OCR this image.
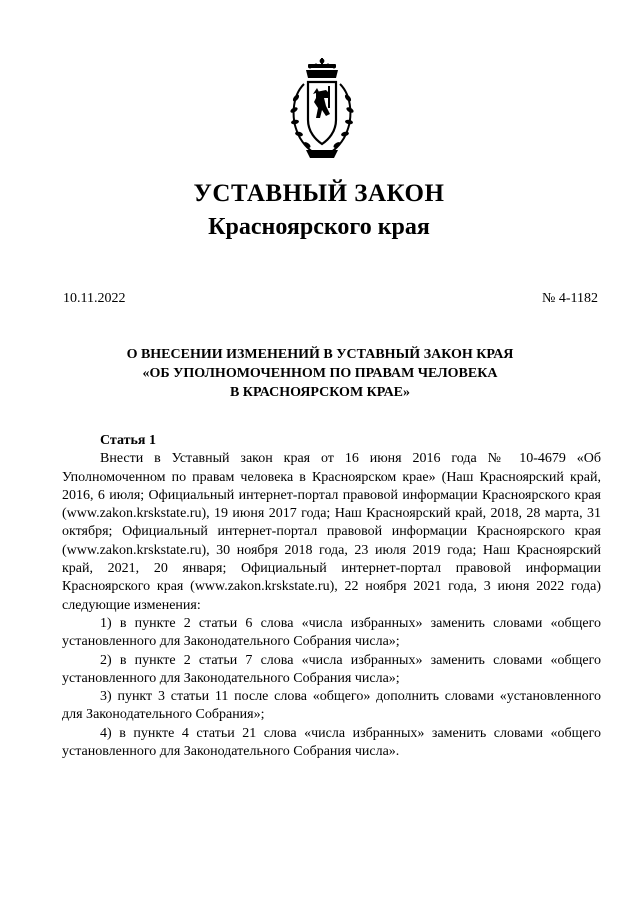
УСТАВНЫЙ ЗАКОН
Красноярского края
10.11.2022	№ 4-1182
О ВНЕСЕНИИ ИЗМЕНЕНИЙ В УСТАВНЫЙ ЗАКОН КРАЯ
«ОБ УПОЛНОМОЧЕННОМ ПО ПРАВАМ ЧЕЛОВЕКА
В КРАСНОЯРСКОМ КРАЕ»

Статья 1

Внести в Уставный закон края от 16 июня 2016 года № 10-4679 «Об Уполномоченном по правам человека в Красноярском крае» (Наш Красноярский край, 2016, 6 июля; Официальный интернет-портал правовой информации Красноярского края (www.zakon.krskstate.ru), 19 июня 2017 года; Наш Красноярский край, 2018, 28 марта, 31 октября; Официальный интернет-портал правовой информации Красноярского края (www.zakon.krskstate.ru), 30 ноября 2018 года, 23 июля 2019 года; Наш Красноярский край, 2021, 20 января; Официальный интернет-портал правовой информации Красноярского края (www.zakon.krskstate.ru), 22 ноября 2021 года, 3 июня 2022 года) следующие изменения:

1) в пункте 2 статьи 6 слова «числа избранных» заменить словами «общего установленного для Законодательного Собрания числа»;

2) в пункте 2 статьи 7 слова «числа избранных» заменить словами «общего установленного для Законодательного Собрания числа»;

3) пункт 3 статьи 11 после слова «общего» дополнить словами «установленного для Законодательного Собрания»;

4) в пункте 4 статьи 21 слова «числа избранных» заменить словами «общего установленного для Законодательного Собрания числа».
